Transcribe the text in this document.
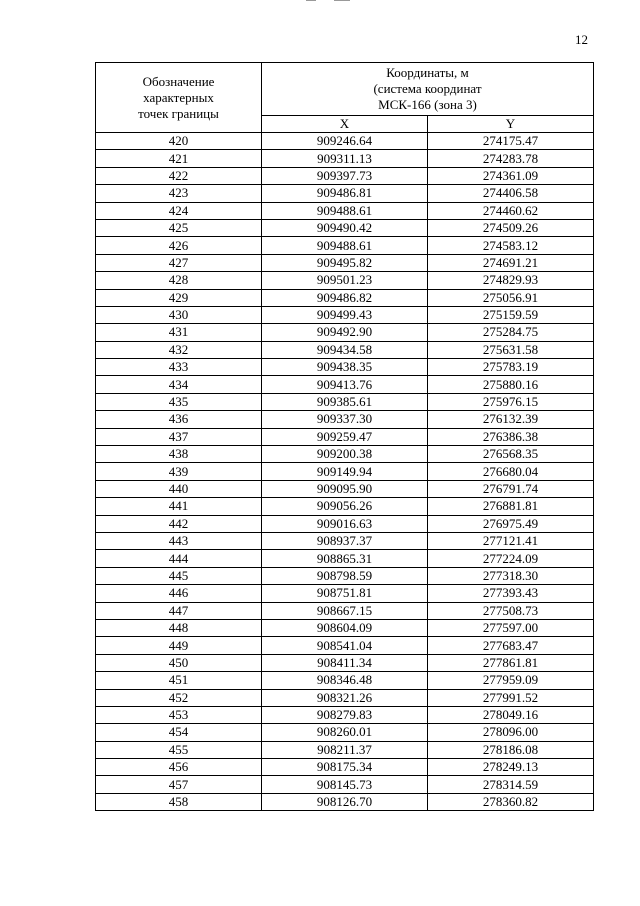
12
Обозначение
характерных
точек границы	Координаты, м
(система координат
МСК-166 (зона 3)	

	X	Y
420	909246.64	274175.47
421	909311.13	274283.78
422	909397.73	274361.09
423	909486.81	274406.58
424	909488.61	274460.62
425	909490.42	274509.26
426	909488.61	274583.12
427	909495.82	274691.21
428	909501.23	274829.93
429	909486.82	275056.91
430	909499.43	275159.59
431	909492.90	275284.75
432	909434.58	275631.58
433	909438.35	275783.19
434	909413.76	275880.16
435	909385.61	275976.15
436	909337.30	276132.39
437	909259.47	276386.38
438	909200.38	276568.35
439	909149.94	276680.04
440	909095.90	276791.74
441	909056.26	276881.81
442	909016.63	276975.49
443	908937.37	277121.41
444	908865.31	277224.09
445	908798.59	277318.30
446	908751.81	277393.43
447	908667.15	277508.73
448	908604.09	277597.00
449	908541.04	277683.47
450	908411.34	277861.81
451	908346.48	277959.09
452	908321.26	277991.52
453	908279.83	278049.16
454	908260.01	278096.00
455	908211.37	278186.08
456	908175.34	278249.13
457	908145.73	278314.59
458	908126.70	278360.82
